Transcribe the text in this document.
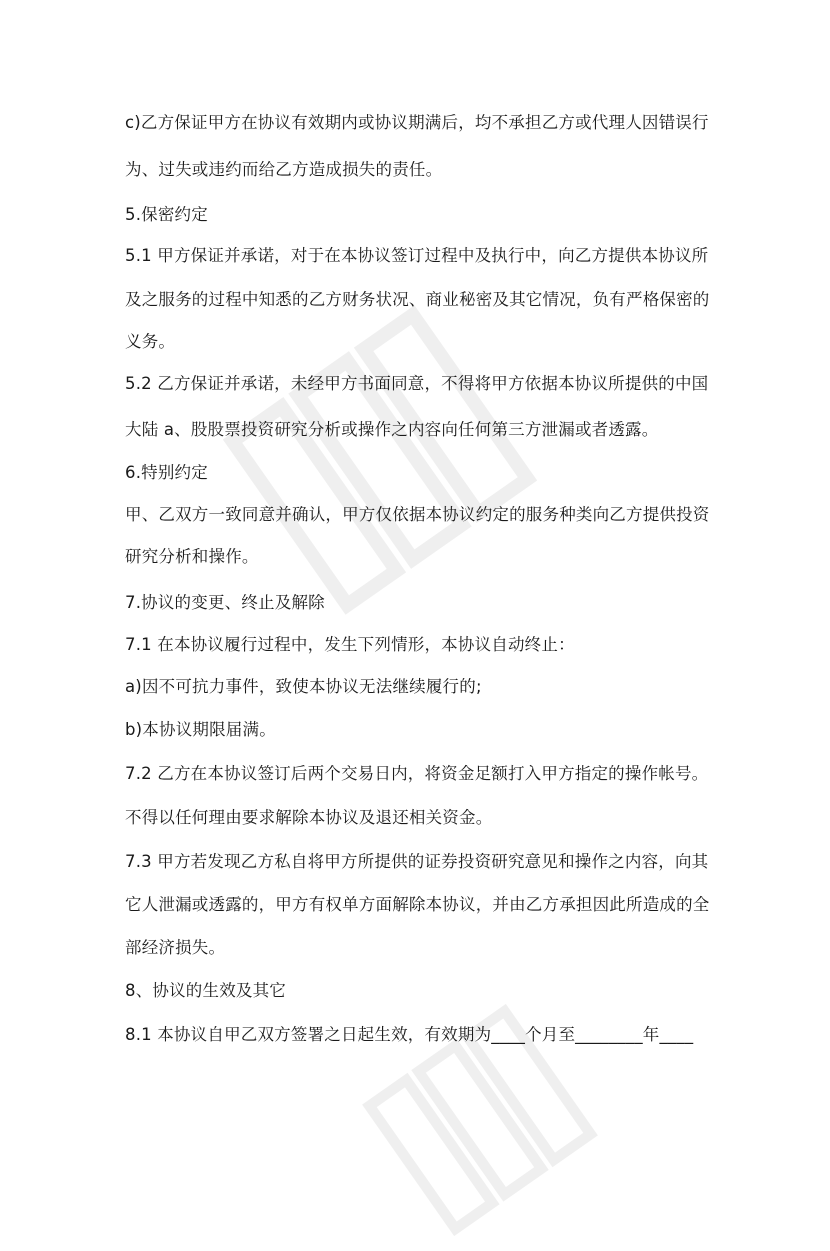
c)乙方保证甲方在协议有效期内或协议期满后，均不承担乙方或代理人因错误行
为、过失或违约而给乙方造成损失的责任。
5.保密约定
5.1 甲方保证并承诺，对于在本协议签订过程中及执行中，向乙方提供本协议所
及之服务的过程中知悉的乙方财务状况、商业秘密及其它情况，负有严格保密的
义务。
5.2 乙方保证并承诺，未经甲方书面同意，不得将甲方依据本协议所提供的中国
大陆 a、股股票投资研究分析或操作之内容向任何第三方泄漏或者透露。
6.特别约定
甲、乙双方一致同意并确认，甲方仅依据本协议约定的服务种类向乙方提供投资
研究分析和操作。
7.协议的变更、终止及解除
7.1 在本协议履行过程中，发生下列情形，本协议自动终止：
a)因不可抗力事件，致使本协议无法继续履行的;
b)本协议期限届满。
7.2 乙方在本协议签订后两个交易日内，将资金足额打入甲方指定的操作帐号。
不得以任何理由要求解除本协议及退还相关资金。
7.3 甲方若发现乙方私自将甲方所提供的证券投资研究意见和操作之内容，向其
它人泄漏或透露的，甲方有权单方面解除本协议，并由乙方承担因此所造成的全
部经济损失。
8、协议的生效及其它
8.1 本协议自甲乙双方签署之日起生效，有效期为____个月至________年____
